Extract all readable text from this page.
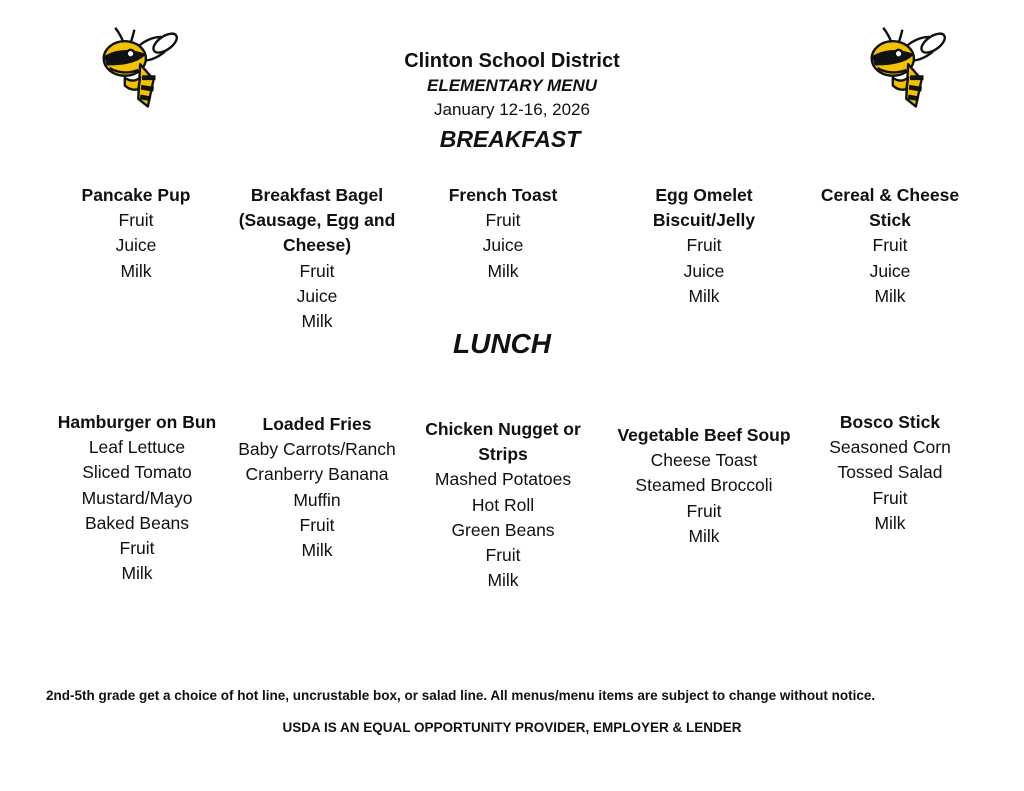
Clinton School District
ELEMENTARY MENU
January 12-16, 2026
BREAKFAST
Pancake Pup
Fruit
Juice
Milk
Breakfast Bagel (Sausage, Egg and Cheese)
Fruit
Juice
Milk
French Toast
Fruit
Juice
Milk
Egg Omelet Biscuit/Jelly
Fruit
Juice
Milk
Cereal & Cheese Stick
Fruit
Juice
Milk
LUNCH
Hamburger on Bun
Leaf Lettuce
Sliced Tomato
Mustard/Mayo
Baked Beans
Fruit
Milk
Loaded Fries
Baby Carrots/Ranch
Cranberry Banana Muffin
Fruit
Milk
Chicken Nugget or Strips
Mashed Potatoes
Hot Roll
Green Beans
Fruit
Milk
Vegetable Beef Soup
Cheese Toast
Steamed Broccoli
Fruit
Milk
Bosco Stick
Seasoned Corn
Tossed Salad
Fruit
Milk
2nd-5th grade get a choice of hot line, uncrustable box, or salad line. All menus/menu items are subject to change without notice.
USDA IS AN EQUAL OPPORTUNITY PROVIDER, EMPLOYER & LENDER
